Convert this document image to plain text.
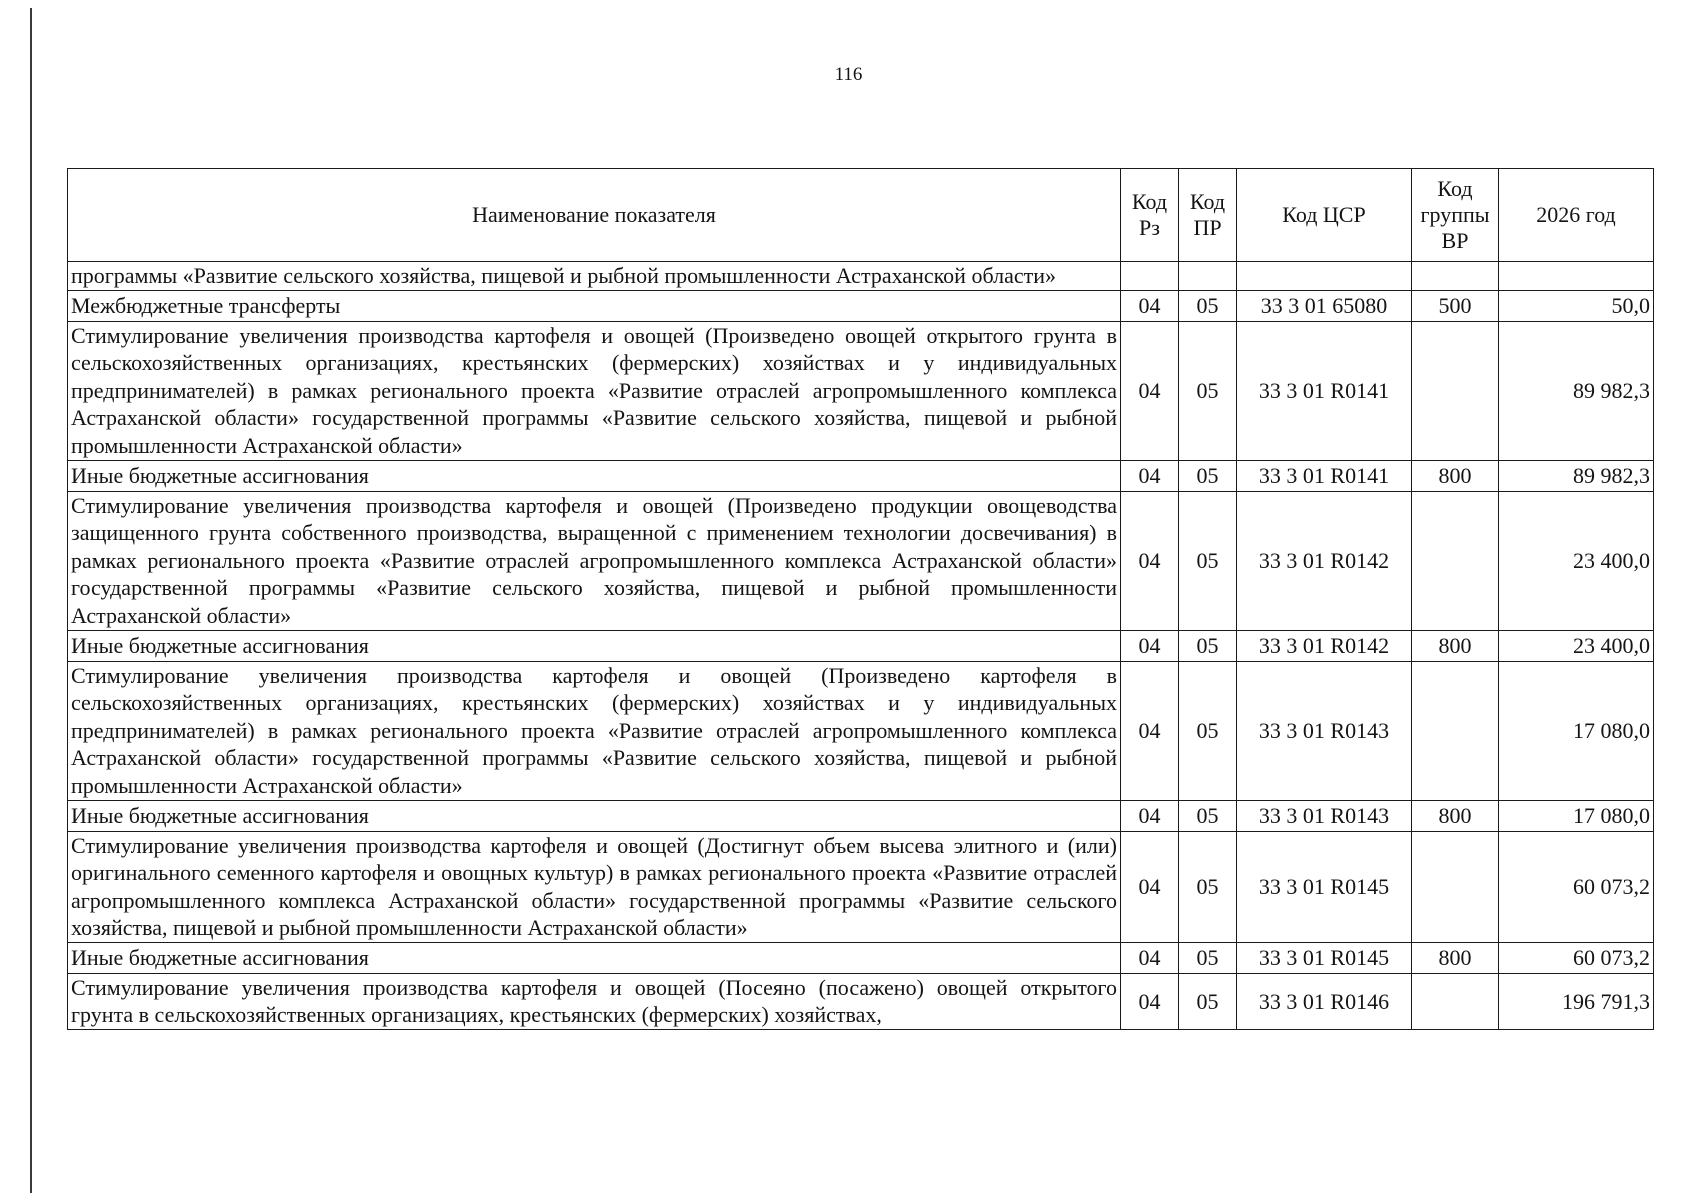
116
Наименование показателя	Код Рз	Код ПР	Код ЦСР	Код группы ВР	2026 год
программы «Развитие сельского хозяйства, пищевой и рыбной промышленности Астраханской области»					
Межбюджетные трансферты	04	05	33 3 01 65080	500	50,0
Стимулирование увеличения производства картофеля и овощей (Произведено овощей открытого грунта в сельскохозяйственных организациях, крестьянских (фермерских) хозяйствах и у индивидуальных предпринимателей) в рамках регионального проекта «Развитие отраслей агропромышленного комплекса Астраханской области» государственной программы «Развитие сельского хозяйства, пищевой и рыбной промышленности Астраханской области»	04	05	33 3 01 R0141		89 982,3
Иные бюджетные ассигнования	04	05	33 3 01 R0141	800	89 982,3
Стимулирование увеличения производства картофеля и овощей (Произведено продукции овощеводства защищенного грунта собственного производства, выращенной с применением технологии досвечивания) в рамках регионального проекта «Развитие отраслей агропромышленного комплекса Астраханской области» государственной программы «Развитие сельского хозяйства, пищевой и рыбной промышленности Астраханской области»	04	05	33 3 01 R0142		23 400,0
Иные бюджетные ассигнования	04	05	33 3 01 R0142	800	23 400,0
Стимулирование увеличения производства картофеля и овощей (Произведено картофеля в сельскохозяйственных организациях, крестьянских (фермерских) хозяйствах и у индивидуальных предпринимателей) в рамках регионального проекта «Развитие отраслей агропромышленного комплекса Астраханской области» государственной программы «Развитие сельского хозяйства, пищевой и рыбной промышленности Астраханской области»	04	05	33 3 01 R0143		17 080,0
Иные бюджетные ассигнования	04	05	33 3 01 R0143	800	17 080,0
Стимулирование увеличения производства картофеля и овощей (Достигнут объем высева элитного и (или) оригинального семенного картофеля и овощных культур) в рамках регионального проекта «Развитие отраслей агропромышленного комплекса Астраханской области» государственной программы «Развитие сельского хозяйства, пищевой и рыбной промышленности Астраханской области»	04	05	33 3 01 R0145		60 073,2
Иные бюджетные ассигнования	04	05	33 3 01 R0145	800	60 073,2
Стимулирование увеличения производства картофеля и овощей (Посеяно (посажено) овощей открытого грунта в сельскохозяйственных организациях, крестьянских (фермерских) хозяйствах,	04	05	33 3 01 R0146		196 791,3
